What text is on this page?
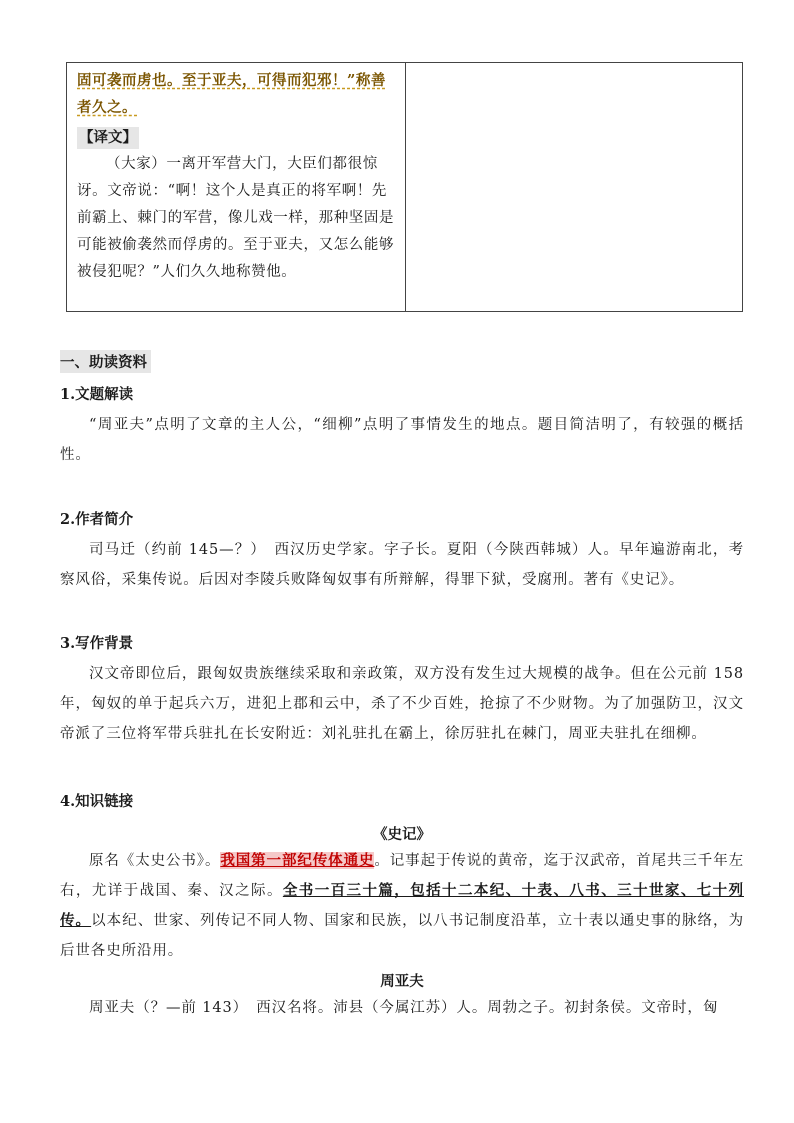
固可袭而虏也。至于亚夫，可得而犯邪！”称善者久之。
【译文】
（大家）一离开军营大门，大臣们都很惊讶。文帝说：“啊！这个人是真正的将军啊！先前霸上、棘门的军营，像儿戏一样，那种坚固是可能被偷袭然而俘虏的。至于亚夫，又怎么能够被侵犯呢？”人们久久地称赞他。
一、助读资料
1.文题解读
“周亚夫”点明了文章的主人公，“细柳”点明了事情发生的地点。题目简洁明了，有较强的概括性。
2.作者简介
司马迁（约前 145—？）　西汉历史学家。字子长。夏阳（今陕西韩城）人。早年遍游南北，考察风俗，采集传说。后因对李陵兵败降匈奴事有所辩解，得罪下狱，受腐刑。著有《史记》。
3.写作背景
汉文帝即位后，跟匈奴贵族继续采取和亲政策，双方没有发生过大规模的战争。但在公元前 158 年，匈奴的单于起兵六万，进犯上郡和云中，杀了不少百姓，抢掠了不少财物。为了加强防卫，汉文帝派了三位将军带兵驻扎在长安附近：刘礼驻扎在霸上，徐厉驻扎在棘门，周亚夫驻扎在细柳。
4.知识链接
《史记》
原名《太史公书》。我国第一部纪传体通史。记事起于传说的黄帝，迄于汉武帝，首尾共三千年左右，尤详于战国、秦、汉之际。全书一百三十篇，包括十二本纪、十表、八书、三十世家、七十列传。以本纪、世家、列传记不同人物、国家和民族，以八书记制度沿革，立十表以通史事的脉络，为后世各史所沿用。
周亚夫
周亚夫（？—前 143）　西汉名将。沛县（今属江苏）人。周勃之子。初封条侯。文帝时，匈
